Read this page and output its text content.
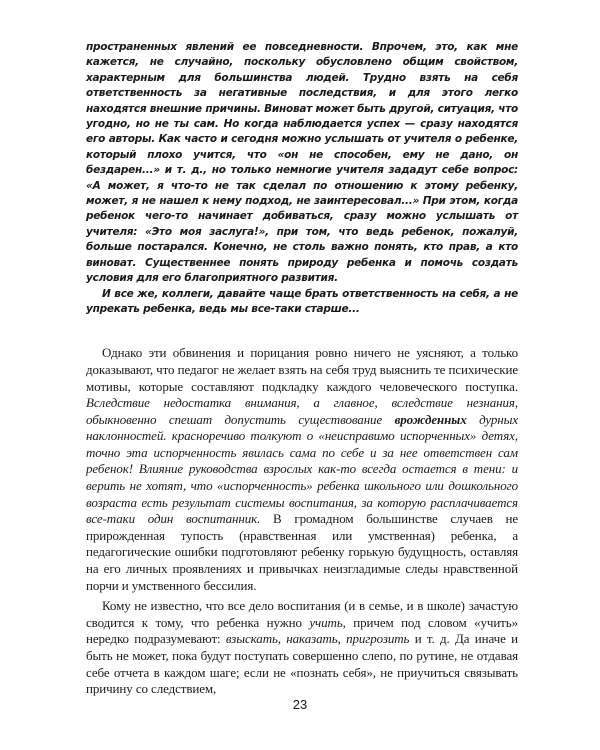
пространенных явлений ее повседневности. Впрочем, это, как мне кажется, не случайно, поскольку обусловлено общим свойством, характерным для большинства людей. Трудно взять на себя ответственность за негативные последствия, и для этого легко находятся внешние причины. Виноват может быть другой, ситуация, что угодно, но не ты сам. Но когда наблюдается успех — сразу находятся его авторы. Как часто и сегодня можно услышать от учителя о ребенке, который плохо учится, что «он не способен, ему не дано, он бездарен...» и т. д., но только немногие учителя зададут себе вопрос: «А может, я что-то не так сделал по отношению к этому ребенку, может, я не нашел к нему подход, не заинтересовал...» При этом, когда ребенок чего-то начинает добиваться, сразу можно услышать от учителя: «Это моя заслуга!», при том, что ведь ребенок, пожалуй, больше постарался. Конечно, не столь важно понять, кто прав, а кто виноват. Существеннее понять природу ребенка и помочь создать условия для его благоприятного развития.

И все же, коллеги, давайте чаще брать ответственность на себя, а не упрекать ребенка, ведь мы все-таки старше...

Однако эти обвинения и порицания ровно ничего не уясняют, а только доказывают, что педагог не желает взять на себя труд выяснить те психические мотивы, которые составляют подкладку каждого человеческого поступка. Вследствие недостатка внимания, а главное, вследствие незнания, обыкновенно спешат допустить существование врожденных дурных наклонностей. красноречиво толкуют о «неисправимо испорченных» детях, точно эта испорченность явилась сама по себе и за нее ответствен сам ребенок! Влияние руководства взрослых как-то всегда остается в тени: и верить не хотят, что «испорченность» ребенка школьного или дошкольного возраста есть результат системы воспитания, за которую расплачивается все-таки один воспитанник. В громадном большинстве случаев не прирожденная тупость (нравственная или умственная) ребенка, а педагогические ошибки подготовляют ребенку горькую будущность, оставляя на его личных проявлениях и привычках неизгладимые следы нравственной порчи и умственного бессилия.

Кому не известно, что все дело воспитания (и в семье, и в школе) зачастую сводится к тому, что ребенка нужно учить, причем под словом «учить» нередко подразумевают: взыскать, наказать, пригрозить и т. д. Да иначе и быть не может, пока будут поступать совершенно слепо, по рутине, не отдавая себе отчета в каждом шаге; если не «познать себя», не приучиться связывать причину со следствием,

23
